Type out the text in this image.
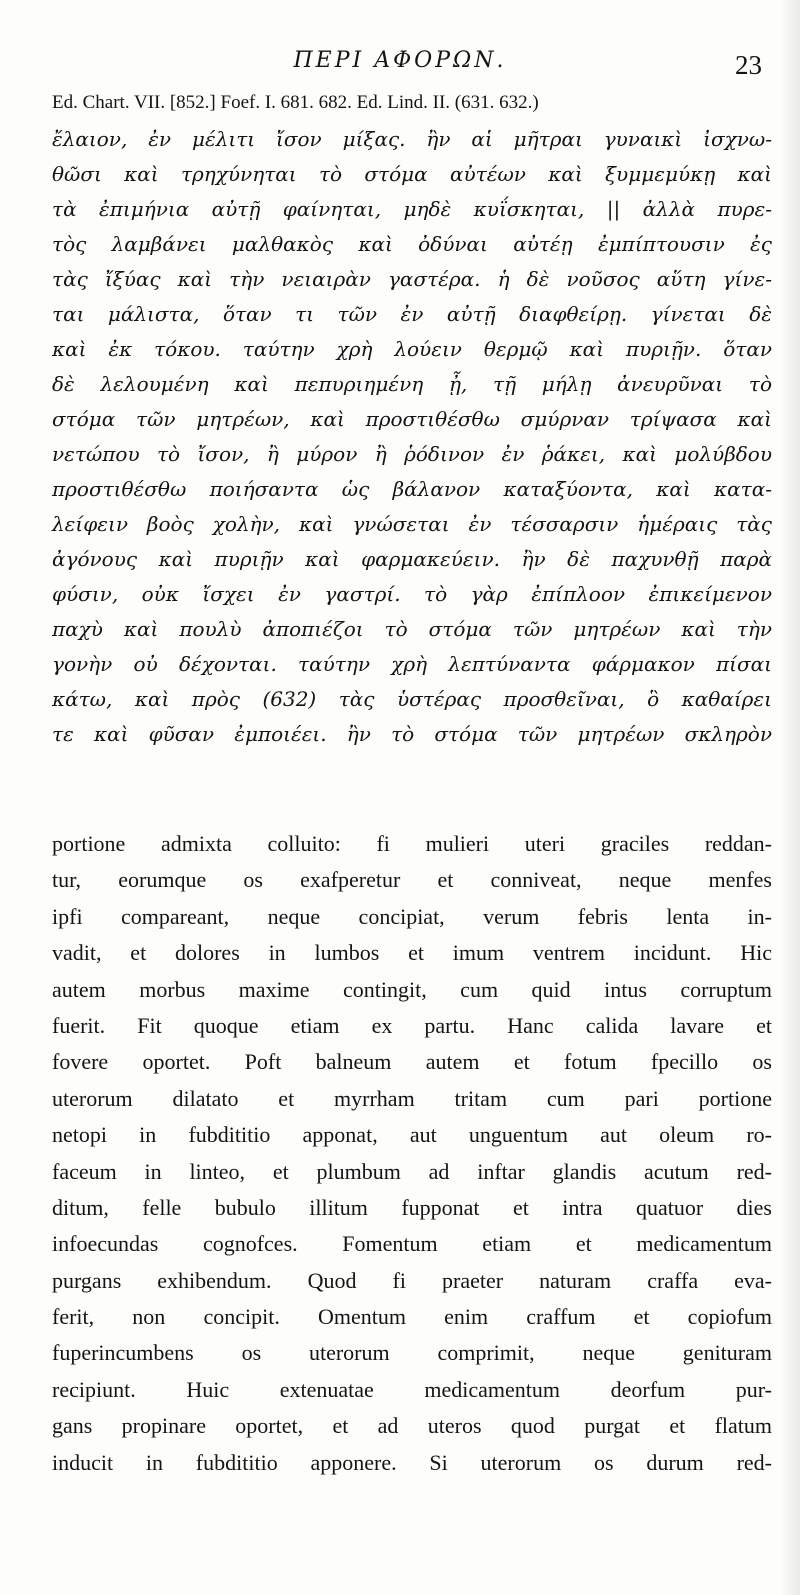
ΠΕΡΙ ΑΦΟΡΩΝ.	23
Ed. Chart. VII. [852.] Foef. I. 681. 682. Ed. Lind. II. (631. 632.)
ἔλαιον, ἐν μέλιτι ἴσον μίξας. ἢν αἱ μῆτραι γυναικὶ ἰσχνω-
θῶσι καὶ τρηχύνηται τὸ στόμα αὐτέων καὶ ξυμμεμύκῃ καὶ
τὰ ἐπιμήνια αὐτῇ φαίνηται, μηδὲ κυΐσκηται, || ἀλλὰ πυρε-
τὸς λαμβάνει μαλθακὸς καὶ ὀδύναι αὐτέῃ ἐμπίπτουσιν ἐς
τὰς ἴξύας καὶ τὴν νειαιρὰν γαστέρα. ἡ δὲ νοῦσος αὕτη γίνε-
ται μάλιστα, ὅταν τι τῶν ἐν αὐτῇ διαφθείρῃ. γίνεται δὲ
καὶ ἐκ τόκου. ταύτην χρὴ λούειν θερμῷ καὶ πυριῇν. ὅταν
δὲ λελουμένη καὶ πεπυριημένη ᾖ, τῇ μήλῃ ἀνευρῦναι τὸ
στόμα τῶν μητρέων, καὶ προστιθέσθω σμύρναν τρίψασα καὶ
νετώπου τὸ ἴσον, ἢ μύρον ἢ ῥόδινον ἐν ῥάκει, καὶ μολύβδου
προστιθέσθω ποιήσαντα ὡς βάλανον καταξύοντα, καὶ κατα-
λείφειν βοὸς χολὴν, καὶ γνώσεται ἐν τέσσαρσιν ἡμέραις τὰς
ἀγόνους καὶ πυριῇν καὶ φαρμακεύειν. ἢν δὲ παχυνθῇ παρὰ
φύσιν, οὐκ ἴσχει ἐν γαστρί. τὸ γὰρ ἐπίπλοον ἐπικείμενον
παχὺ καὶ πουλὺ ἀποπιέζοι τὸ στόμα τῶν μητρέων καὶ τὴν
γονὴν οὐ δέχονται. ταύτην χρὴ λεπτύναντα φάρμακον πίσαι
κάτω, καὶ πρὸς (632) τὰς ὑστέρας προσθεῖναι, ὃ καθαίρει
τε καὶ φῦσαν ἐμποιέει. ἢν τὸ στόμα τῶν μητρέων σκληρὸν
portione admixta colluito: fi mulieri uteri graciles reddan-
tur, eorumque os exafperetur et conniveat, neque menfes
ipfi compareant, neque concipiat, verum febris lenta in-
vadit, et dolores in lumbos et imum ventrem incidunt. Hic
autem morbus maxime contingit, cum quid intus corruptum
fuerit. Fit quoque etiam ex partu. Hanc calida lavare et
fovere oportet. Poft balneum autem et fotum fpecillo os
uterorum dilatato et myrrham tritam cum pari portione
netopi in fubdititio apponat, aut unguentum aut oleum ro-
faceum in linteo, et plumbum ad inftar glandis acutum red-
ditum, felle bubulo illitum fupponat et intra quatuor dies
infoecundas cognofces. Fomentum etiam et medicamentum
purgans exhibendum. Quod fi praeter naturam craffa eva-
ferit, non concipit. Omentum enim craffum et copiofum
fuperincumbens os uterorum comprimit, neque genituram
recipiunt. Huic extenuatae medicamentum deorfum pur-
gans propinare oportet, et ad uteros quod purgat et flatum
inducit in fubdititio apponere. Si uterorum os durum red-
